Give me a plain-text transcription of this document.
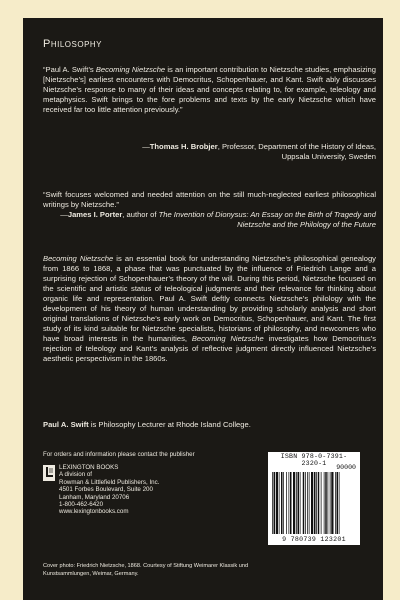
Philosophy
“Paul A. Swift’s Becoming Nietzsche is an important contribution to Nietzsche studies, emphasizing [Nietzsche’s] earliest encounters with Democritus, Schopenhauer, and Kant. Swift ably discusses Nietzsche’s response to many of their ideas and concepts relating to, for example, teleology and metaphysics. Swift brings to the fore problems and texts by the early Nietzsche which have received far too little attention previously.”
—Thomas H. Brobjer, Professor, Department of the History of Ideas,
Uppsala University, Sweden
“Swift focuses welcomed and needed attention on the still much-neglected earliest philosophical writings by Nietzsche.”
—James I. Porter, author of The Invention of Dionysus: An Essay on the Birth of Tragedy and Nietzsche and the Philology of the Future
Becoming Nietzsche is an essential book for understanding Nietzsche’s philosophical genealogy from 1866 to 1868, a phase that was punctuated by the influence of Friedrich Lange and a surprising rejection of Schopenhauer’s theory of the will. During this period, Nietzsche focused on the scientific and artistic status of teleological judgments and their relevance for thinking about organic life and representation. Paul A. Swift deftly connects Nietzsche’s philology with the development of his theory of human understanding by providing scholarly analysis and short original translations of Nietzsche’s early work on Democritus, Schopenhauer, and Kant. The first study of its kind suitable for Nietzsche specialists, historians of philosophy, and newcomers who have broad interests in the humanities, Becoming Nietzsche investigates how Democritus’s rejection of teleology and Kant’s analysis of reflective judgment directly influenced Nietzsche’s aesthetic perspectivism in the 1860s.
Paul A. Swift is Philosophy Lecturer at Rhode Island College.
For orders and information please contact the publisher
LEXINGTON BOOKS
A division of
Rowman & Littlefield Publishers, Inc.
4501 Forbes Boulevard, Suite 200
Lanham, Maryland 20706
1-800-462-6420
www.lexingtonbooks.com
Cover photo: Friedrich Nietzsche, 1868. Courtesy of Stiftung Weimarer Klassik und Kunstsammlungen, Weimar, Germany.
ISBN 978-0-7391-2320-1
90000
9 780739 123201
